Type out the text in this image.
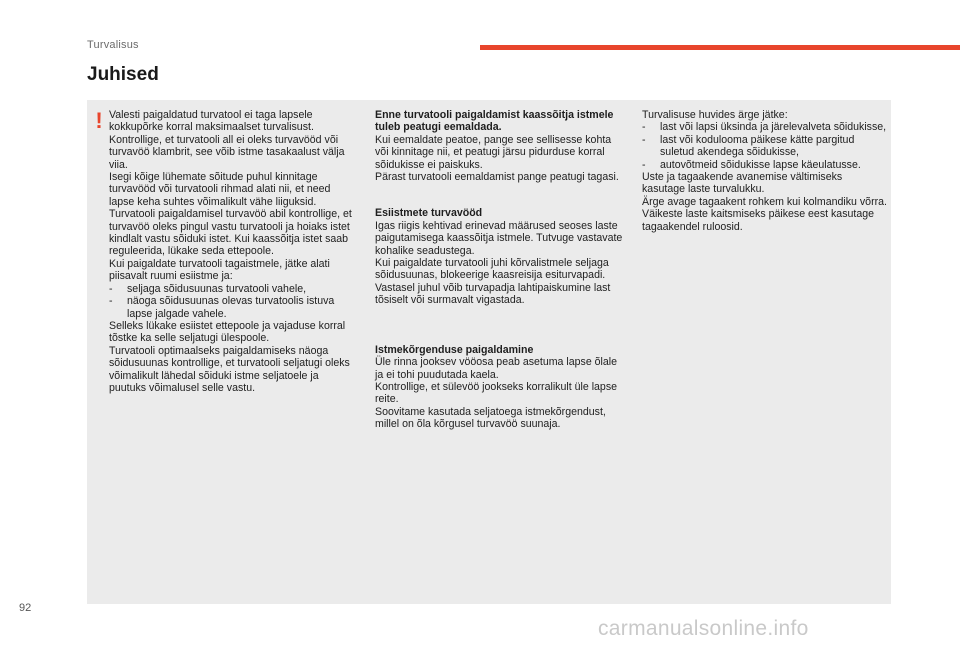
Turvalisus
Juhised
! Valesti paigaldatud turvatool ei taga lapsele kokkupõrke korral maksimaalset turvalisust.

Kontrollige, et turvatooli all ei oleks turvavööd või turvavöö klambrit, see võib istme tasakaalust välja viia.

Isegi kõige lühemate sõitude puhul kinnitage turvavööd või turvatooli rihmad alati nii, et need lapse keha suhtes võimalikult vähe liiguksid.

Turvatooli paigaldamisel turvavöö abil kontrollige, et turvavöö oleks pingul vastu turvatooli ja hoiaks istet kindlalt vastu sõiduki istet. Kui kaassõitja istet saab reguleerida, lükake seda ettepoole.

Kui paigaldate turvatooli tagaistmele, jätke alati piisavalt ruumi esiistme ja:

- seljaga sõidusuunas turvatooli vahele,
- näoga sõidusuunas olevas turvatoolis istuva lapse jalgade vahele.

Selleks lükake esiistet ettepoole ja vajaduse korral tõstke ka selle seljatugi ülespoole.

Turvatooli optimaalseks paigaldamiseks näoga sõidusuunas kontrollige, et turvatooli seljatugi oleks võimalikult lähedal sõiduki istme seljatoele ja puutuks võimalusel selle vastu.

Enne turvatooli paigaldamist kaassõitja istmele tuleb peatugi eemaldada.

Kui eemaldate peatoe, pange see sellisesse kohta või kinnitage nii, et peatugi järsu pidurduse korral sõidukisse ei paiskuks.

Pärast turvatooli eemaldamist pange peatugi tagasi.

Esiistmete turvavööd

Igas riigis kehtivad erinevad määrused seoses laste paigutamisega kaassõitja istmele. Tutvuge vastavate kohalike seadustega.

Kui paigaldate turvatooli juhi kõrvalistmele seljaga sõidusuunas, blokeerige kaasreisija esiturvapadi.

Vastasel juhul võib turvapadja lahtipaiskumine last tõsiselt või surmavalt vigastada.

Istmekõrgenduse paigaldamine

Üle rinna jooksev vööosa peab asetuma lapse õlale ja ei tohi puudutada kaela.

Kontrollige, et sülevöö jookseks korralikult üle lapse reite.

Soovitame kasutada seljatoega istmekõrgendust, millel on õla kõrgusel turvavöö suunaja.

Turvalisuse huvides ärge jätke:

- last või lapsi üksinda ja järelevalveta sõidukisse,
- last või kodulooma päikese kätte pargitud suletud akendega sõidukisse,
- autovõtmeid sõidukisse lapse käeulatusse.

Uste ja tagaakende avanemise vältimiseks kasutage laste turvalukku.

Ärge avage tagaakent rohkem kui kolmandiku võrra.

Väikeste laste kaitsmiseks päikese eest kasutage tagaakendel ruloosid.

92
carmanualsonline.info
